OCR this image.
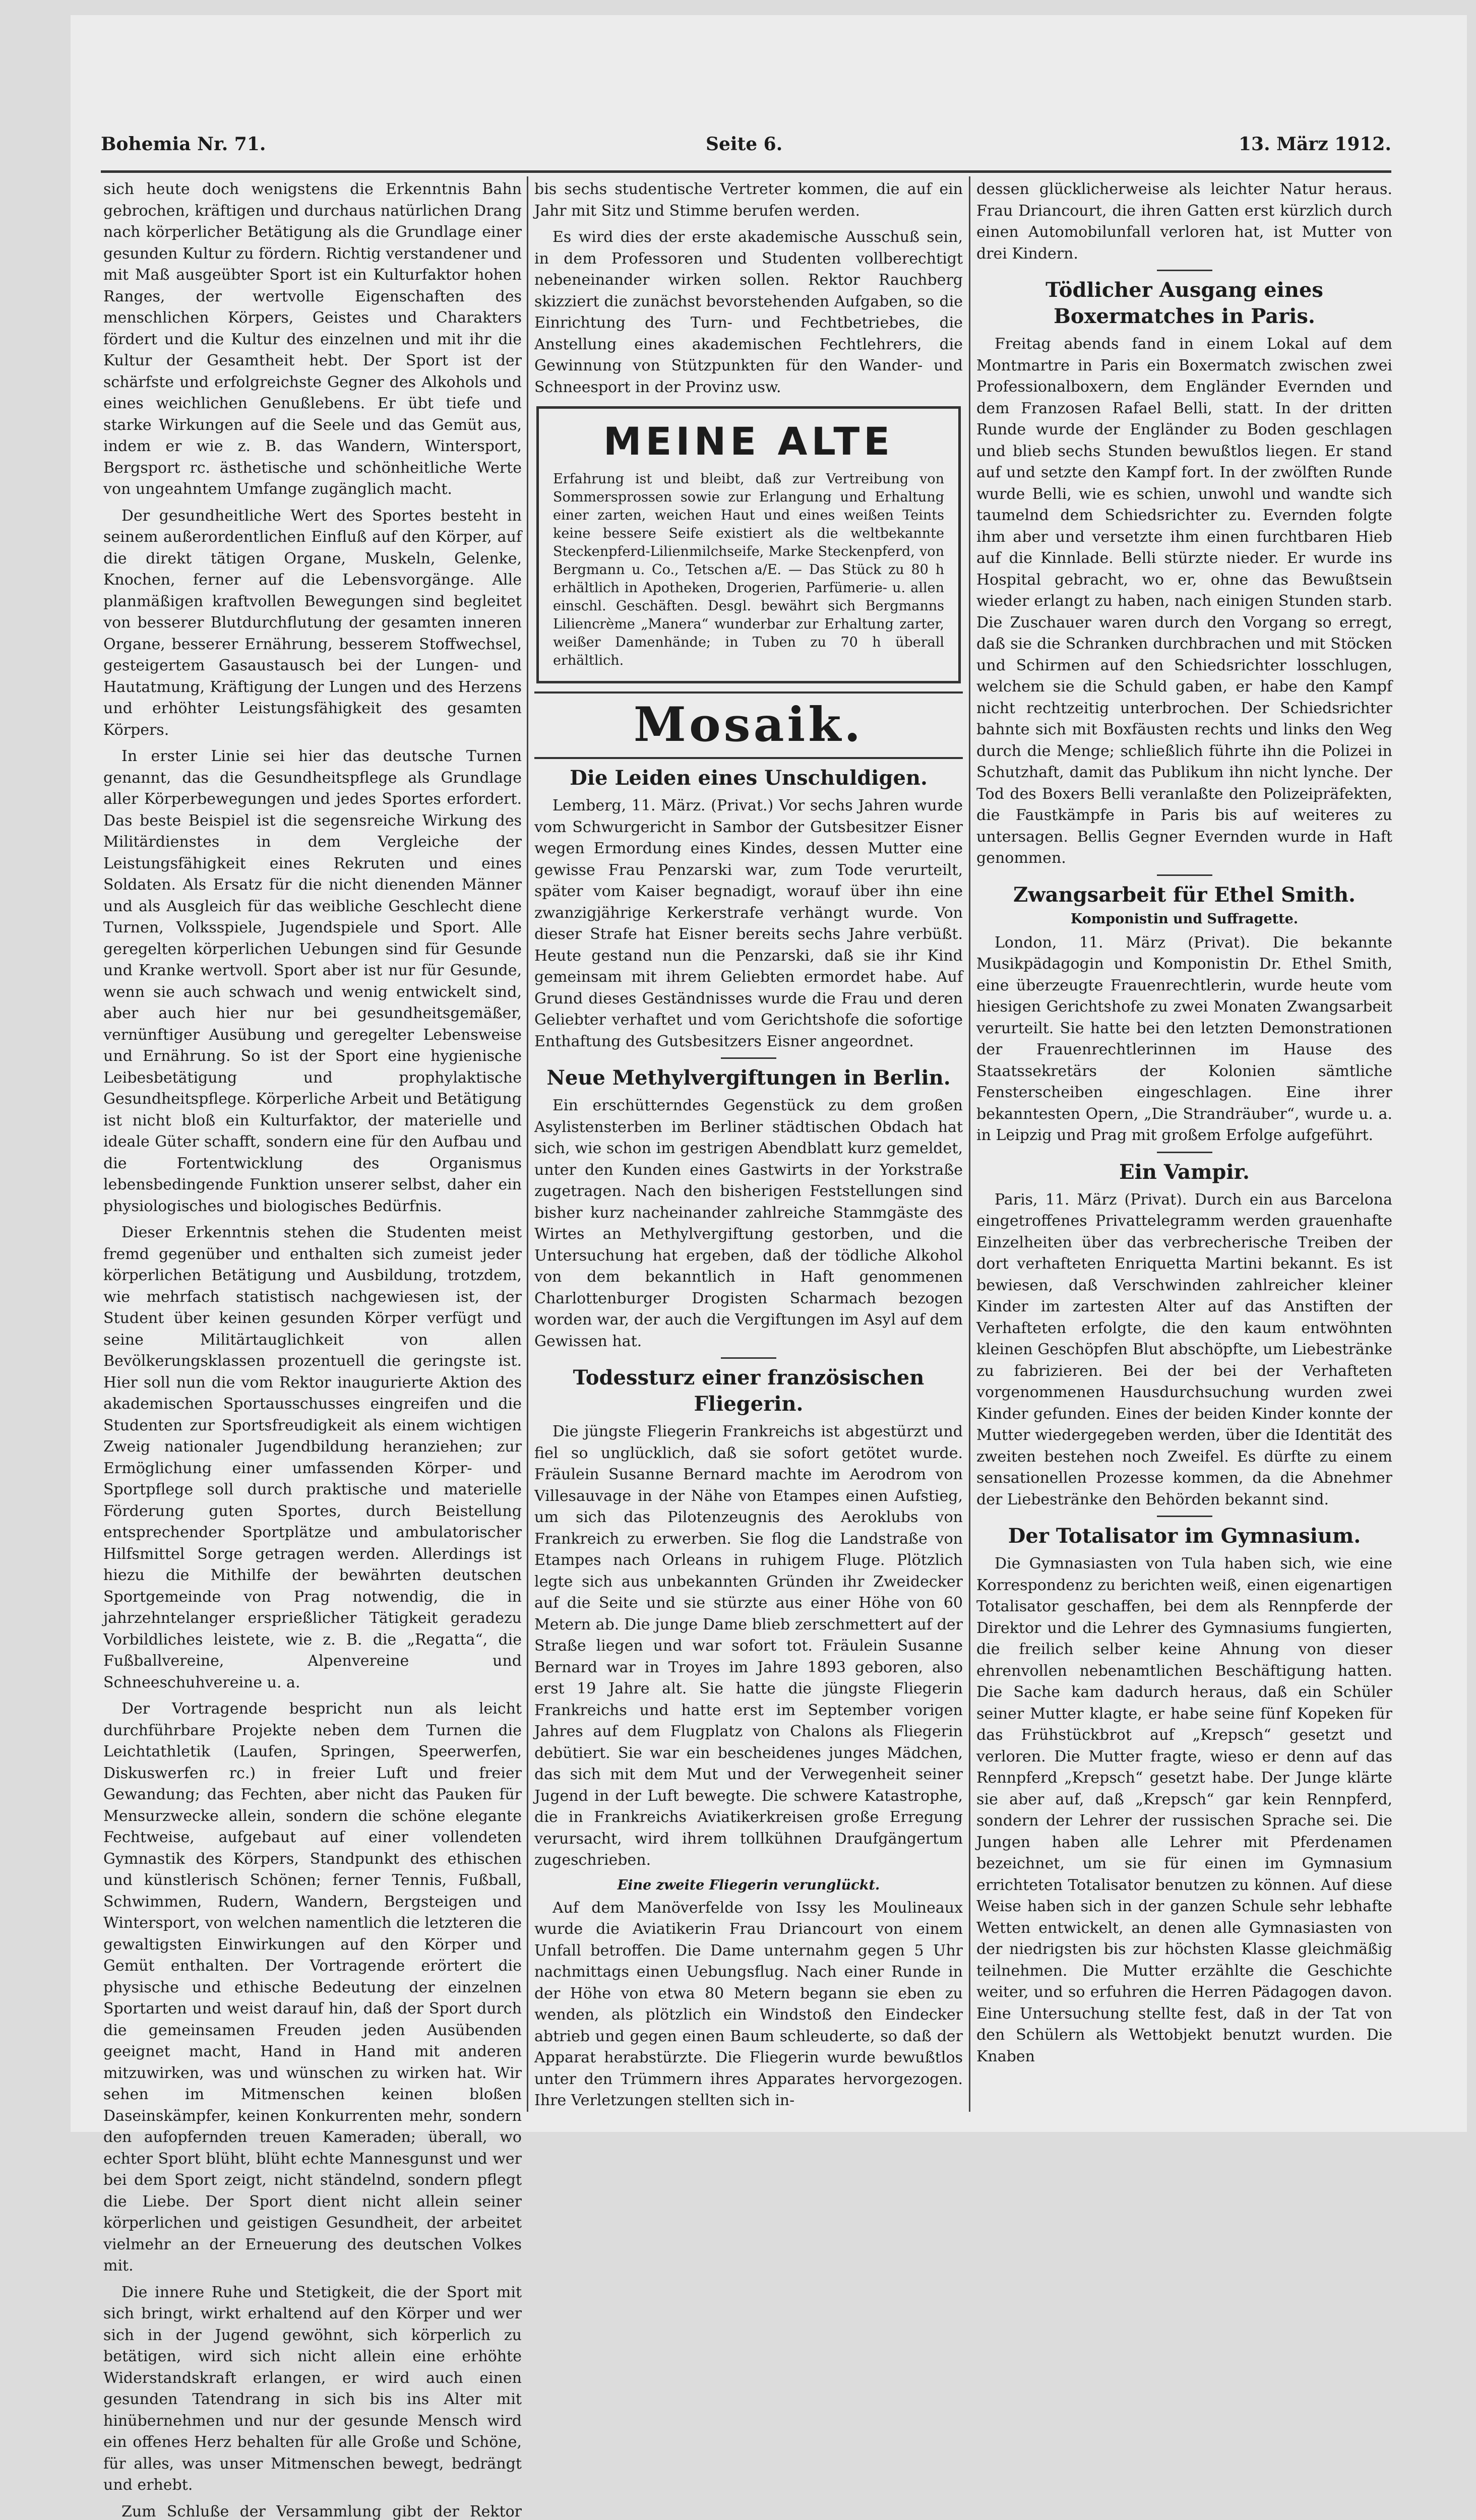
Bohemia Nr. 71.	Seite 6.	13. März 1912.

sich heute doch wenigstens die Erkenntnis Bahn gebrochen, kräftigen und durchaus natürlichen Drang nach körperlicher Betätigung als die Grundlage einer gesunden Kultur zu fördern. Richtig verstandener und mit Maß ausgeübter Sport ist ein Kulturfaktor hohen Ranges, der wertvolle Eigenschaften des menschlichen Körpers, Geistes und Charakters fördert und die Kultur des einzelnen und mit ihr die Kultur der Gesamtheit hebt. Der Sport ist der schärfste und erfolgreichste Gegner des Alkohols und eines weichlichen Genußlebens. Er übt tiefe und starke Wirkungen auf die Seele und das Gemüt aus, indem er wie z. B. das Wandern, Wintersport, Bergsport rc. ästhetische und schönheitliche Werte von ungeahntem Umfange zugänglich macht.

Der gesundheitliche Wert des Sportes besteht in seinem außerordentlichen Einfluß auf den Körper, auf die direkt tätigen Organe, Muskeln, Gelenke, Knochen, ferner auf die Lebensvorgänge. Alle planmäßigen kraftvollen Bewegungen sind begleitet von besserer Blutdurchflutung der gesamten inneren Organe, besserer Ernährung, besserem Stoffwechsel, gesteigertem Gasaustausch bei der Lungen- und Hautatmung, Kräftigung der Lungen und des Herzens und erhöhter Leistungsfähigkeit des gesamten Körpers.

In erster Linie sei hier das deutsche Turnen genannt, das die Gesundheitspflege als Grundlage aller Körperbewegungen und jedes Sportes erfordert. Das beste Beispiel ist die segensreiche Wirkung des Militärdienstes in dem Vergleiche der Leistungsfähigkeit eines Rekruten und eines Soldaten. Als Ersatz für die nicht dienenden Männer und als Ausgleich für das weibliche Geschlecht diene Turnen, Volksspiele, Jugendspiele und Sport. Alle geregelten körperlichen Uebungen sind für Gesunde und Kranke wertvoll. Sport aber ist nur für Gesunde, wenn sie auch schwach und wenig entwickelt sind, aber auch hier nur bei gesundheitsgemäßer, vernünftiger Ausübung und geregelter Lebensweise und Ernährung. So ist der Sport eine hygienische Leibesbetätigung und prophylaktische Gesundheitspflege. Körperliche Arbeit und Betätigung ist nicht bloß ein Kulturfaktor, der materielle und ideale Güter schafft, sondern eine für den Aufbau und die Fortentwicklung des Organismus lebensbedingende Funktion unserer selbst, daher ein physiologisches und biologisches Bedürfnis.

Dieser Erkenntnis stehen die Studenten meist fremd gegenüber und enthalten sich zumeist jeder körperlichen Betätigung und Ausbildung, trotzdem, wie mehrfach statistisch nachgewiesen ist, der Student über keinen gesunden Körper verfügt und seine Militärtauglichkeit von allen Bevölkerungsklassen prozentuell die geringste ist. Hier soll nun die vom Rektor inaugurierte Aktion des akademischen Sportausschusses eingreifen und die Studenten zur Sportsfreudigkeit als einem wichtigen Zweig nationaler Jugendbildung heranziehen; zur Ermöglichung einer umfassenden Körper- und Sportpflege soll durch praktische und materielle Förderung guten Sportes, durch Beistellung entsprechender Sportplätze und ambulatorischer Hilfsmittel Sorge getragen werden. Allerdings ist hiezu die Mithilfe der bewährten deutschen Sportgemeinde von Prag notwendig, die in jahrzehntelanger ersprießlicher Tätigkeit geradezu Vorbildliches leistete, wie z. B. die „Regatta“, die Fußballvereine, Alpenvereine und Schneeschuhvereine u. a.

Der Vortragende bespricht nun als leicht durchführbare Projekte neben dem Turnen die Leichtathletik (Laufen, Springen, Speerwerfen, Diskuswerfen rc.) in freier Luft und freier Gewandung; das Fechten, aber nicht das Pauken für Mensurzwecke allein, sondern die schöne elegante Fechtweise, aufgebaut auf einer vollendeten Gymnastik des Körpers, Standpunkt des ethischen und künstlerisch Schönen; ferner Tennis, Fußball, Schwimmen, Rudern, Wandern, Bergsteigen und Wintersport, von welchen namentlich die letzteren die gewaltigsten Einwirkungen auf den Körper und Gemüt enthalten. Der Vortragende erörtert die physische und ethische Bedeutung der einzelnen Sportarten und weist darauf hin, daß der Sport durch die gemeinsamen Freuden jeden Ausübenden geeignet macht, Hand in Hand mit anderen mitzuwirken, was und wünschen zu wirken hat. Wir sehen im Mitmenschen keinen bloßen Daseinskämpfer, keinen Konkurrenten mehr, sondern den aufopfernden treuen Kameraden; überall, wo echter Sport blüht, blüht echte Mannesgunst und wer bei dem Sport zeigt, nicht ständelnd, sondern pflegt die Liebe. Der Sport dient nicht allein seiner körperlichen und geistigen Gesundheit, der arbeitet vielmehr an der Erneuerung des deutschen Volkes mit.

Die innere Ruhe und Stetigkeit, die der Sport mit sich bringt, wirkt erhaltend auf den Körper und wer sich in der Jugend gewöhnt, sich körperlich zu betätigen, wird sich nicht allein eine erhöhte Widerstandskraft erlangen, er wird auch einen gesunden Tatendrang in sich bis ins Alter mit hinübernehmen und nur der gesunde Mensch wird ein offenes Herz behalten für alle Große und Schöne, für alles, was unser Mitmenschen bewegt, bedrängt und erhebt.

Zum Schluße der Versammlung gibt der Rektor

bis sechs studentische Vertreter kommen, die auf ein Jahr mit Sitz und Stimme berufen werden.

Es wird dies der erste akademische Ausschuß sein, in dem Professoren und Studenten vollberechtigt nebeneinander wirken sollen. Rektor Rauchberg skizziert die zunächst bevorstehenden Aufgaben, so die Einrichtung des Turn- und Fechtbetriebes, die Anstellung eines akademischen Fechtlehrers, die Gewinnung von Stützpunkten für den Wander- und Schneesport in der Provinz usw.

MEINE ALTE
Erfahrung ist und bleibt, daß zur Vertreibung von Sommersprossen sowie zur Erlangung und Erhaltung einer zarten, weichen Haut und eines weißen Teints keine bessere Seife existiert als die weltbekannte Steckenpferd-Lilienmilchseife, Marke Steckenpferd, von Bergmann u. Co., Tetschen a/E. — Das Stück zu 80 h erhältlich in Apotheken, Drogerien, Parfümerie- u. allen einschl. Geschäften. Desgl. bewährt sich Bergmanns Liliencrème „Manera“ wunderbar zur Erhaltung zarter, weißer Damenhände; in Tuben zu 70 h überall erhältlich.
Mosaik.
Die Leiden eines Unschuldigen.

Lemberg, 11. März. (Privat.) Vor sechs Jahren wurde vom Schwurgericht in Sambor der Gutsbesitzer Eisner wegen Ermordung eines Kindes, dessen Mutter eine gewisse Frau Penzarski war, zum Tode verurteilt, später vom Kaiser begnadigt, worauf über ihn eine zwanzigjährige Kerkerstrafe verhängt wurde. Von dieser Strafe hat Eisner bereits sechs Jahre verbüßt. Heute gestand nun die Penzarski, daß sie ihr Kind gemeinsam mit ihrem Geliebten ermordet habe. Auf Grund dieses Geständnisses wurde die Frau und deren Geliebter verhaftet und vom Gerichtshofe die sofortige Enthaftung des Gutsbesitzers Eisner angeordnet.

Neue Methylvergiftungen in Berlin.

Ein erschütterndes Gegenstück zu dem großen Asylistensterben im Berliner städtischen Obdach hat sich, wie schon im gestrigen Abendblatt kurz gemeldet, unter den Kunden eines Gastwirts in der Yorkstraße zugetragen. Nach den bisherigen Feststellungen sind bisher kurz nacheinander zahlreiche Stammgäste des Wirtes an Methylvergiftung gestorben, und die Untersuchung hat ergeben, daß der tödliche Alkohol von dem bekanntlich in Haft genommenen Charlottenburger Drogisten Scharmach bezogen worden war, der auch die Vergiftungen im Asyl auf dem Gewissen hat.

Todessturz einer französischen Fliegerin.

Die jüngste Fliegerin Frankreichs ist abgestürzt und fiel so unglücklich, daß sie sofort getötet wurde. Fräulein Susanne Bernard machte im Aerodrom von Villesauvage in der Nähe von Etampes einen Aufstieg, um sich das Pilotenzeugnis des Aeroklubs von Frankreich zu erwerben. Sie flog die Landstraße von Etampes nach Orleans in ruhigem Fluge. Plötzlich legte sich aus unbekannten Gründen ihr Zweidecker auf die Seite und sie stürzte aus einer Höhe von 60 Metern ab. Die junge Dame blieb zerschmettert auf der Straße liegen und war sofort tot. Fräulein Susanne Bernard war in Troyes im Jahre 1893 geboren, also erst 19 Jahre alt. Sie hatte die jüngste Fliegerin Frankreichs und hatte erst im September vorigen Jahres auf dem Flugplatz von Chalons als Fliegerin debütiert. Sie war ein bescheidenes junges Mädchen, das sich mit dem Mut und der Verwegenheit seiner Jugend in der Luft bewegte. Die schwere Katastrophe, die in Frankreichs Aviatikerkreisen große Erregung verursacht, wird ihrem tollkühnen Draufgängertum zugeschrieben.

Eine zweite Fliegerin verunglückt.

Auf dem Manöverfelde von Issy les Moulineaux wurde die Aviatikerin Frau Driancourt von einem Unfall betroffen. Die Dame unternahm gegen 5 Uhr nachmittags einen Uebungsflug. Nach einer Runde in der Höhe von etwa 80 Metern begann sie eben zu wenden, als plötzlich ein Windstoß den Eindecker abtrieb und gegen einen Baum schleuderte, so daß der Apparat herabstürzte. Die Fliegerin wurde bewußtlos unter den Trümmern ihres Apparates hervorgezogen. Ihre Verletzungen stellten sich in-

dessen glücklicherweise als leichter Natur heraus. Frau Driancourt, die ihren Gatten erst kürzlich durch einen Automobilunfall verloren hat, ist Mutter von drei Kindern.

Tödlicher Ausgang eines Boxermatches in Paris.

Freitag abends fand in einem Lokal auf dem Montmartre in Paris ein Boxermatch zwischen zwei Professionalboxern, dem Engländer Evernden und dem Franzosen Rafael Belli, statt. In der dritten Runde wurde der Engländer zu Boden geschlagen und blieb sechs Stunden bewußtlos liegen. Er stand auf und setzte den Kampf fort. In der zwölften Runde wurde Belli, wie es schien, unwohl und wandte sich taumelnd dem Schiedsrichter zu. Evernden folgte ihm aber und versetzte ihm einen furchtbaren Hieb auf die Kinnlade. Belli stürzte nieder. Er wurde ins Hospital gebracht, wo er, ohne das Bewußtsein wieder erlangt zu haben, nach einigen Stunden starb. Die Zuschauer waren durch den Vorgang so erregt, daß sie die Schranken durchbrachen und mit Stöcken und Schirmen auf den Schiedsrichter losschlugen, welchem sie die Schuld gaben, er habe den Kampf nicht rechtzeitig unterbrochen. Der Schiedsrichter bahnte sich mit Boxfäusten rechts und links den Weg durch die Menge; schließlich führte ihn die Polizei in Schutzhaft, damit das Publikum ihn nicht lynche. Der Tod des Boxers Belli veranlaßte den Polizeipräfekten, die Faustkämpfe in Paris bis auf weiteres zu untersagen. Bellis Gegner Evernden wurde in Haft genommen.

Zwangsarbeit für Ethel Smith.
Komponistin und Suffragette.

London, 11. März (Privat). Die bekannte Musikpädagogin und Komponistin Dr. Ethel Smith, eine überzeugte Frauenrechtlerin, wurde heute vom hiesigen Gerichtshofe zu zwei Monaten Zwangsarbeit verurteilt. Sie hatte bei den letzten Demonstrationen der Frauenrechtlerinnen im Hause des Staatssekretärs der Kolonien sämtliche Fensterscheiben eingeschlagen. Eine ihrer bekanntesten Opern, „Die Strandräuber“, wurde u. a. in Leipzig und Prag mit großem Erfolge aufgeführt.

Ein Vampir.

Paris, 11. März (Privat). Durch ein aus Barcelona eingetroffenes Privattelegramm werden grauenhafte Einzelheiten über das verbrecherische Treiben der dort verhafteten Enriquetta Martini bekannt. Es ist bewiesen, daß Verschwinden zahlreicher kleiner Kinder im zartesten Alter auf das Anstiften der Verhafteten erfolgte, die den kaum entwöhnten kleinen Geschöpfen Blut abschöpfte, um Liebestränke zu fabrizieren. Bei der bei der Verhafteten vorgenommenen Hausdurchsuchung wurden zwei Kinder gefunden. Eines der beiden Kinder konnte der Mutter wiedergegeben werden, über die Identität des zweiten bestehen noch Zweifel. Es dürfte zu einem sensationellen Prozesse kommen, da die Abnehmer der Liebestränke den Behörden bekannt sind.

Der Totalisator im Gymnasium.

Die Gymnasiasten von Tula haben sich, wie eine Korrespondenz zu berichten weiß, einen eigenartigen Totalisator geschaffen, bei dem als Rennpferde der Direktor und die Lehrer des Gymnasiums fungierten, die freilich selber keine Ahnung von dieser ehrenvollen nebenamtlichen Beschäftigung hatten. Die Sache kam dadurch heraus, daß ein Schüler seiner Mutter klagte, er habe seine fünf Kopeken für das Frühstückbrot auf „Krepsch“ gesetzt und verloren. Die Mutter fragte, wieso er denn auf das Rennpferd „Krepsch“ gesetzt habe. Der Junge klärte sie aber auf, daß „Krepsch“ gar kein Rennpferd, sondern der Lehrer der russischen Sprache sei. Die Jungen haben alle Lehrer mit Pferdenamen bezeichnet, um sie für einen im Gymnasium errichteten Totalisator benutzen zu können. Auf diese Weise haben sich in der ganzen Schule sehr lebhafte Wetten entwickelt, an denen alle Gymnasiasten von der niedrigsten bis zur höchsten Klasse gleichmäßig teilnehmen. Die Mutter erzählte die Geschichte weiter, und so erfuhren die Herren Pädagogen davon. Eine Untersuchung stellte fest, daß in der Tat von den Schülern als Wettobjekt benutzt wurden. Die Knaben
